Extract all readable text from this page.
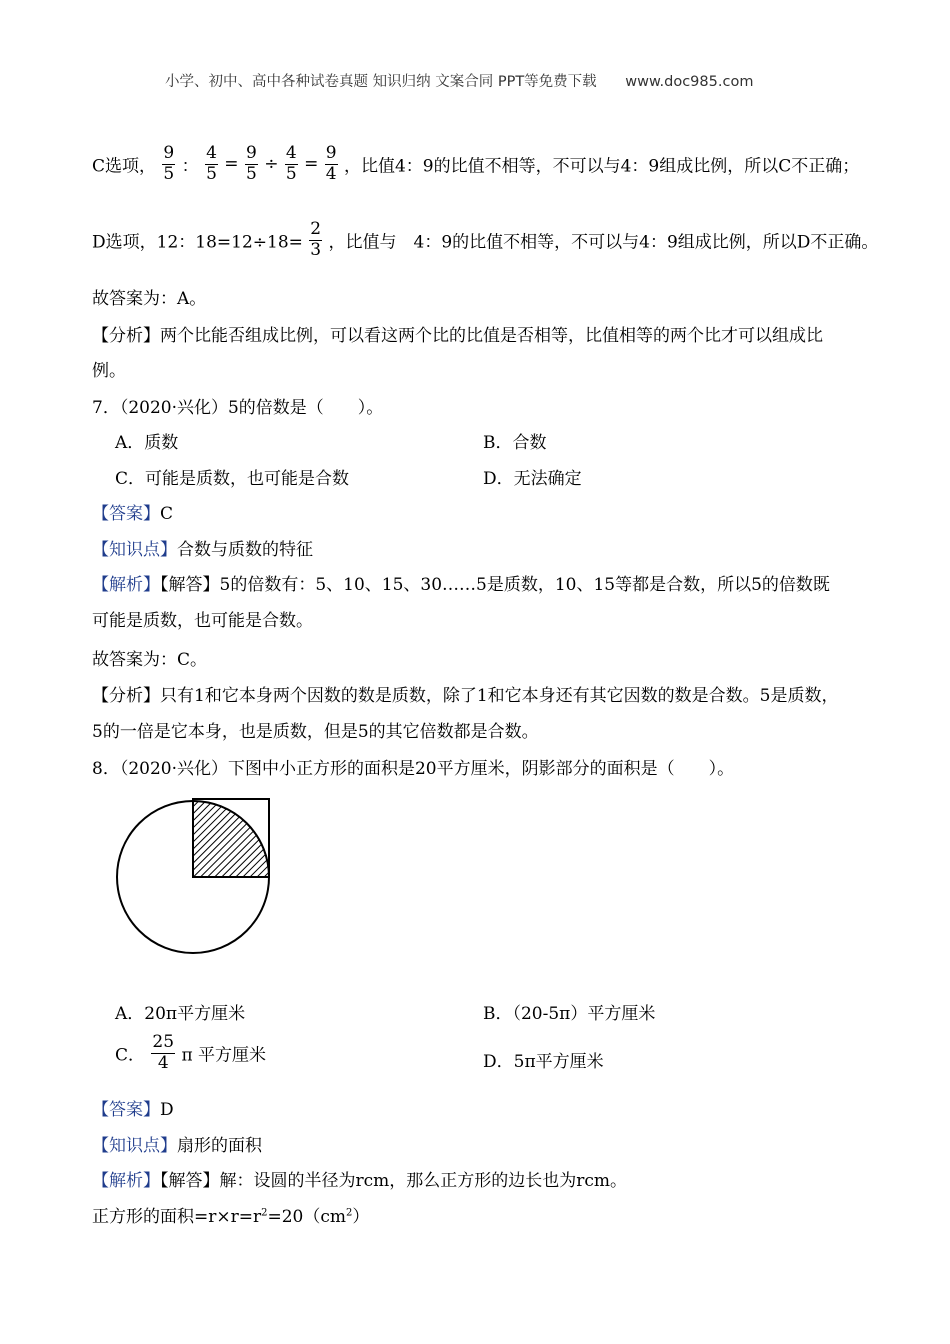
小学、初中、高中各种试卷真题 知识归纳 文案合同 PPT等免费下载 www.doc985.com
C选项， $\frac{9}{5}$ ： $\frac{4}{5} = \frac{9}{5} \div \frac{4}{5} = \frac{9}{4}$ ，比值4：9的比值不相等，不可以与4：9组成比例，所以C不正确；
D选项，12：$18=12\div 18= \frac{2}{3}$ ，比值与　4：9的比值不相等，不可以与4：9组成比例，所以D不正确。
故答案为：A。
【分析】两个比能否组成比例，可以看这两个比的比值是否相等，比值相等的两个比才可以组成比
例。
7．（2020·兴化）5的倍数是（　　）。
A．质数	B．合数
C．可能是质数，也可能是合数	D．无法确定
【答案】C
【知识点】合数与质数的特征
【解析】【解答】5的倍数有：5、10、15、30……5是质数，10、15等都是合数，所以5的倍数既
可能是质数，也可能是合数。
故答案为：C。
【分析】只有1和它本身两个因数的数是质数，除了1和它本身还有其它因数的数是合数。5是质数，
5的一倍是它本身，也是质数，但是5的其它倍数都是合数。
8．（2020·兴化）下图中小正方形的面积是20平方厘米，阴影部分的面积是（　　）。
A．20π平方厘米	B．（20-5π）平方厘米
C． $\frac{25}{4}$ π 平方厘米	D．5π平方厘米
【答案】D
【知识点】扇形的面积
【解析】【解答】解：设圆的半径为rcm，那么正方形的边长也为rcm。
正方形的面积$=r\times r=r^2=20(cm^2)$
